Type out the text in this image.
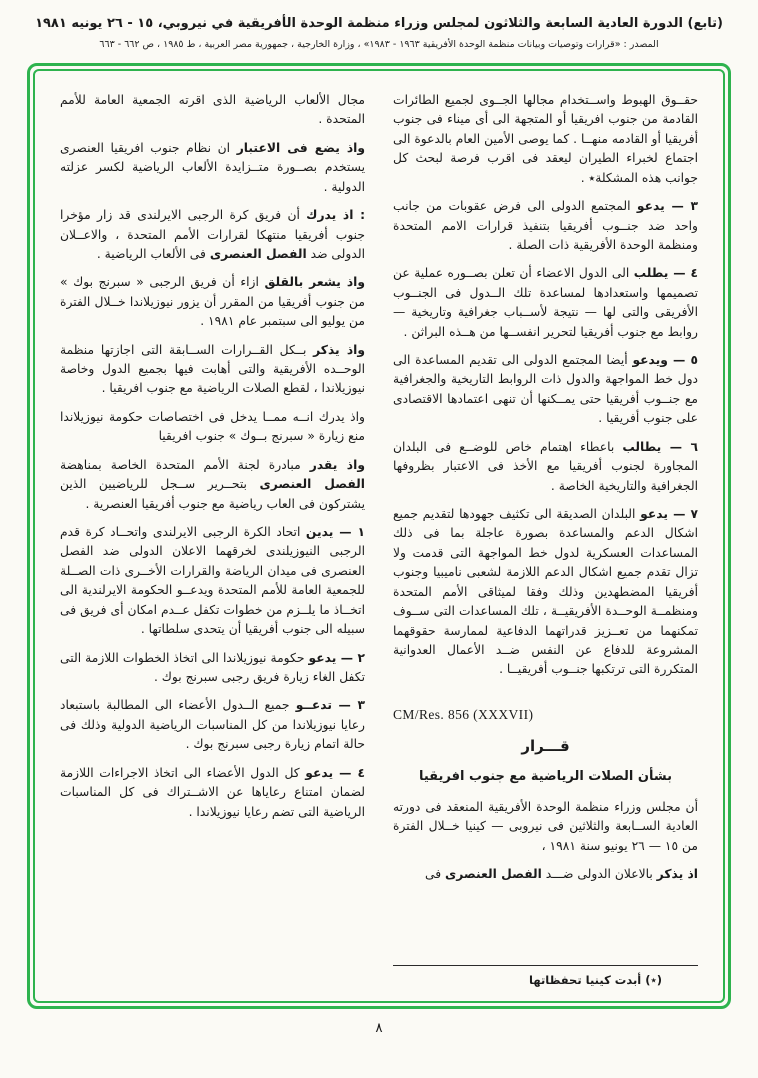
(تابع) الدورة العادية السابعة والثلاثون لمجلس وزراء منظمة الوحدة الأفريقية في نيروبي، ١٥ - ٢٦ يونيه ١٩٨١
المصدر : «قرارات وتوصيات وبيانات منظمة الوحدة الأفريقية ١٩٦٣ - ١٩٨٣» ، وزارة الخارجية ، جمهورية مصر العربية ، ط ١٩٨٥ ، ص ٦٦٢ - ٦٦٣

حقــوق الهبوط واســتخدام مجالها الجــوى لجميع الطائرات القادمة من جنوب افريقيا أو المتجهة الى أى ميناء فى جنوب أفريقيا أو القادمه منهــا . كما يوصى الأمين العام بالدعوة الى اجتماع لخبراء الطيران ليعقد فى اقرب فرصة لبحث كل جوانب هذه المشكلة٭ .

٣ — يدعو المجتمع الدولى الى فرض عقوبات من جانب واحد ضد جنــوب أفريقيا بتنفيذ قرارات الامم المتحدة ومنظمة الوحدة الأفريقية ذات الصلة .

٤ — يطلب الى الدول الاعضاء أن تعلن بصــوره عملية عن تصميمها واستعدادها لمساعدة تلك الــدول فى الجنــوب الأفريقى والتى لها — نتيجة لأســباب جغرافية وتاريخية — روابط مع جنوب أفريقيا لتحرير انفســها من هــذه البراثن .

٥ — ويدعو أيضا المجتمع الدولى الى تقديم المساعدة الى دول خط المواجهة والدول ذات الروابط التاريخية والجغرافية مع جنــوب أفريقيا حتى يمــكنها أن تنهى اعتمادها الاقتصادى على جنوب أفريقيا .

٦ — يطالب باعطاء اهتمام خاص للوضــع فى البلدان المجاورة لجنوب أفريقيا مع الأخذ فى الاعتبار بظروفها الجغرافية والتاريخية الخاصة .

٧ — يدعو البلدان الصديقة الى تكثيف جهودها لتقديم جميع اشكال الدعم والمساعدة بصورة عاجلة بما فى ذلك المساعدات العسكرية لدول خط المواجهة التى قدمت ولا تزال تقدم جميع اشكال الدعم اللازمة لشعبى ناميبيا وجنوب أفريقيا المضطهدين وذلك وفقا لميثاقى الأمم المتحدة ومنظمــة الوحــدة الأفريقيــة ، تلك المساعدات التى ســوف تمكنهما من تعــزيز قدراتهما الدفاعية لممارسة حقوقهما المشروعة للدفاع عن النفس ضــد الأعمال العدوانية المتكررة التى ترتكبها جنــوب أفريقيــا .

CM/Res. 856 (XXXVII)
قـــرار
بشأن الصلات الرياضية مع جنوب افريقيا

أن مجلس وزراء منظمة الوحدة الأفريقية المنعقد فى دورته العادية الســابعة والثلاثين فى نيروبى — كينيا خــلال الفترة من ١٥ — ٢٦ يونيو سنة ١٩٨١ ،

اذ يذكر بالاعلان الدولى ضـــد الفصل العنصرى فى

(٭) أبدت كينيا تحفظاتها

مجال الألعاب الرياضية الذى اقرته الجمعية العامة للأمم المتحدة .

واذ يضع فى الاعتبار ان نظام جنوب افريقيا العنصرى يستخدم بصــورة متــزايدة الألعاب الرياضية لكسر عزلته الدولية .

: اذ يدرك أن فريق كرة الرجبى الايرلندى قد زار مؤخرا جنوب أفريقيا منتهكا لقرارات الأمم المتحدة ، والاعــلان الدولى ضد الفصل العنصرى فى الألعاب الرياضية .

واذ يشعر بالقلق ازاء أن فريق الرجبى « سبرنج بوك » من جنوب أفريقيا من المقرر أن يزور نيوزيلاندا خــلال الفترة من يوليو الى سبتمبر عام ١٩٨١ .

واذ يذكر بــكل القــرارات الســابقة التى اجازتها منظمة الوحــده الأفريقية والتى أهابت فيها بجميع الدول وخاصة نيوزيلاندا ، لقطع الصلات الرياضية مع جنوب افريقيا .

واذ يدرك انــه ممــا يدخل فى اختصاصات حكومة نيوزيلاندا منع زيارة « سبرنج بــوك » جنوب افريقيا

واذ يقدر مبادرة لجنة الأمم المتحدة الخاصة بمناهضة الفصل العنصرى بتحــرير ســجل للرياضيين الذين يشتركون فى العاب رياضية مع جنوب أفريقيا العنصرية .

١ — يدين اتحاد الكرة الرجبى الايرلندى واتحــاد كرة قدم الرجبى النيوزيلندى لخرقهما الاعلان الدولى ضد الفصل العنصرى فى ميدان الرياضة والقرارات الأخــرى ذات الصــلة للجمعية العامة للأمم المتحدة ويدعــو الحكومة الايرلندية الى اتخــاذ ما يلــزم من خطوات تكفل عــدم امكان أى فريق فى سبيله الى جنوب أفريقيا أن يتحدى سلطاتها .

٢ — يدعو حكومة نيوزيلاندا الى اتخاذ الخطوات اللازمة التى تكفل الغاء زيارة فريق رجبى سبرنج بوك .

٣ — تدعــو جميع الــدول الأعضاء الى المطالبة باستبعاد رعايا نيوزيلاندا من كل المناسبات الرياضية الدولية وذلك فى حالة اتمام زيارة رجبى سبرنج بوك .

٤ — يدعو كل الدول الأعضاء الى اتخاذ الاجراءات اللازمة لضمان امتناع رعاياها عن الاشــتراك فى كل المناسبات الرياضية التى تضم رعايا نيوزيلاندا .

٨
